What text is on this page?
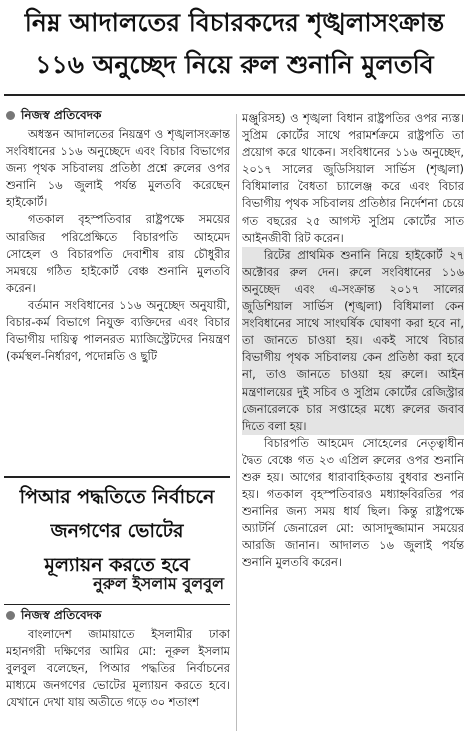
নিম্ন আদালতের বিচারকদের শৃঙ্খলাসংক্রান্ত
১১৬ অনুচ্ছেদ নিয়ে রুল শুনানি মুলতবি
নিজস্ব প্রতিবেদক

অধস্তন আদালতের নিয়ন্ত্রণ ও শৃঙ্খলাসংক্রান্ত সংবিধানের ১১৬ অনুচ্ছেদে এবং বিচার বিভাগের জন্য পৃথক সচিবালয় প্রতিষ্ঠা প্রশ্নে রুলের ওপর শুনানি ১৬ জুলাই পর্যন্ত মুলতবি করেছেন হাইকোর্ট।

গতকাল বৃহস্পতিবার রাষ্ট্রপক্ষে সময়ের আরজির পরিপ্রেক্ষিতে বিচারপতি আহমেদ সোহেল ও বিচারপতি দেবাশীষ রায় চৌধুরীর সমন্বয়ে গঠিত হাইকোর্ট বেঞ্চ শুনানি মুলতবি করেন।

বর্তমান সংবিধানের ১১৬ অনুচ্ছেদ অনুযায়ী, বিচার-কর্ম বিভাগে নিযুক্ত ব্যক্তিদের এবং বিচার বিভাগীয় দায়িত্ব পালনরত ম্যাজিস্ট্রেটদের নিয়ন্ত্রণ (কর্মস্থল-নির্ধারণ, পদোন্নতি ও ছুটি

পিআর পদ্ধতিতে নির্বাচনে
জনগণের ভোটের
মূল্যায়ন করতে হবে
নুরুল ইসলাম বুলবুল
নিজস্ব প্রতিবেদক

বাংলাদেশ জামায়াতে ইসলামীর ঢাকা মহানগরী দক্ষিণের আমির মো: নূরুল ইসলাম বুলবুল বলেছেন, পিআর পদ্ধতির নির্বাচনের মাধ্যমে জনগণের ভোটের মূল্যায়ন করতে হবে। যেখানে দেখা যায় অতীতে গড়ে ৩০ শতাংশ

মঞ্জুরিসহ) ও শৃঙ্খলা বিধান রাষ্ট্রপতির ওপর ন্যস্ত। সুপ্রিম কোর্টের সাথে পরামর্শক্রমে রাষ্ট্রপতি তা প্রয়োগ করে থাকেন। সংবিধানের ১১৬ অনুচ্ছেদ, ২০১৭ সালের জুডিসিয়াল সার্ভিস (শৃঙ্খলা) বিধিমালার বৈধতা চ্যালেঞ্জ করে এবং বিচার বিভাগীয় পৃথক সচিবালয় প্রতিষ্ঠার নির্দেশনা চেয়ে গত বছরের ২৫ আগস্ট সুপ্রিম কোর্টের সাত আইনজীবী রিট করেন।

রিটের প্রাথমিক শুনানি নিয়ে হাইকোর্ট ২৭ অক্টোবর রুল দেন। রুলে সংবিধানের ১১৬ অনুচ্ছেদ এবং এ-সংক্রান্ত ২০১৭ সালের জুডিশিয়াল সার্ভিস (শৃঙ্খলা) বিধিমালা কেন সংবিধানের সাথে সাংঘর্ষিক ঘোষণা করা হবে না, তা জানতে চাওয়া হয়। একই সাথে বিচার বিভাগীয় পৃথক সচিবালয় কেন প্রতিষ্ঠা করা হবে না, তাও জানতে চাওয়া হয় রুলে। আইন মন্ত্রণালয়ের দুই সচিব ও সুপ্রিম কোর্টের রেজিস্ট্রার জেনারেলকে চার সপ্তাহের মধ্যে রুলের জবাব দিতে বলা হয়।

বিচারপতি আহমেদ সোহেলের নেতৃত্বাধীন দ্বৈত বেঞ্চে গত ২৩ এপ্রিল রুলের ওপর শুনানি শুরু হয়। আগের ধারাবাহিকতায় বুধবার শুনানি হয়। গতকাল বৃহস্পতিবারও মধ্যাহ্নবিরতির পর শুনানির জন্য সময় ধার্য ছিল। কিন্তু রাষ্ট্রপক্ষে অ্যাটর্নি জেনারেল মো: আসাদুজ্জামান সময়ের আরজি জানান। আদালত ১৬ জুলাই পর্যন্ত শুনানি মুলতবি করেন।
